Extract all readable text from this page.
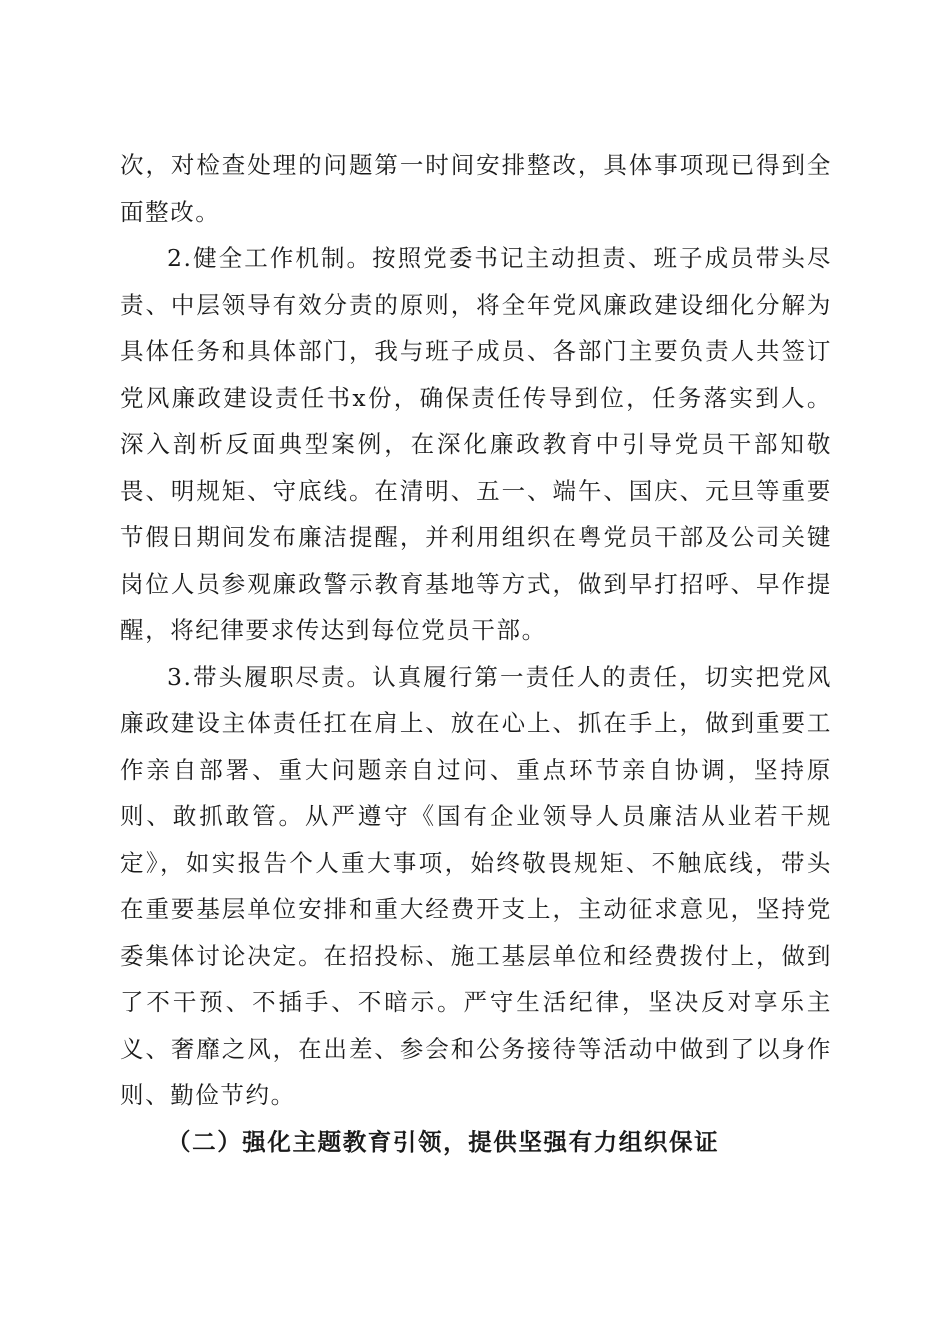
次，对检查处理的问题第一时间安排整改，具体事项现已得到全面整改。

2.健全工作机制。按照党委书记主动担责、班子成员带头尽责、中层领导有效分责的原则，将全年党风廉政建设细化分解为具体任务和具体部门，我与班子成员、各部门主要负责人共签订党风廉政建设责任书x份，确保责任传导到位，任务落实到人。深入剖析反面典型案例，在深化廉政教育中引导党员干部知敬畏、明规矩、守底线。在清明、五一、端午、国庆、元旦等重要节假日期间发布廉洁提醒，并利用组织在粤党员干部及公司关键岗位人员参观廉政警示教育基地等方式，做到早打招呼、早作提醒，将纪律要求传达到每位党员干部。

3.带头履职尽责。认真履行第一责任人的责任，切实把党风廉政建设主体责任扛在肩上、放在心上、抓在手上，做到重要工作亲自部署、重大问题亲自过问、重点环节亲自协调，坚持原则、敢抓敢管。从严遵守《国有企业领导人员廉洁从业若干规定》，如实报告个人重大事项，始终敬畏规矩、不触底线，带头在重要基层单位安排和重大经费开支上，主动征求意见，坚持党委集体讨论决定。在招投标、施工基层单位和经费拨付上，做到了不干预、不插手、不暗示。严守生活纪律，坚决反对享乐主义、奢靡之风，在出差、参会和公务接待等活动中做到了以身作则、勤俭节约。

（二）强化主题教育引领，提供坚强有力组织保证
